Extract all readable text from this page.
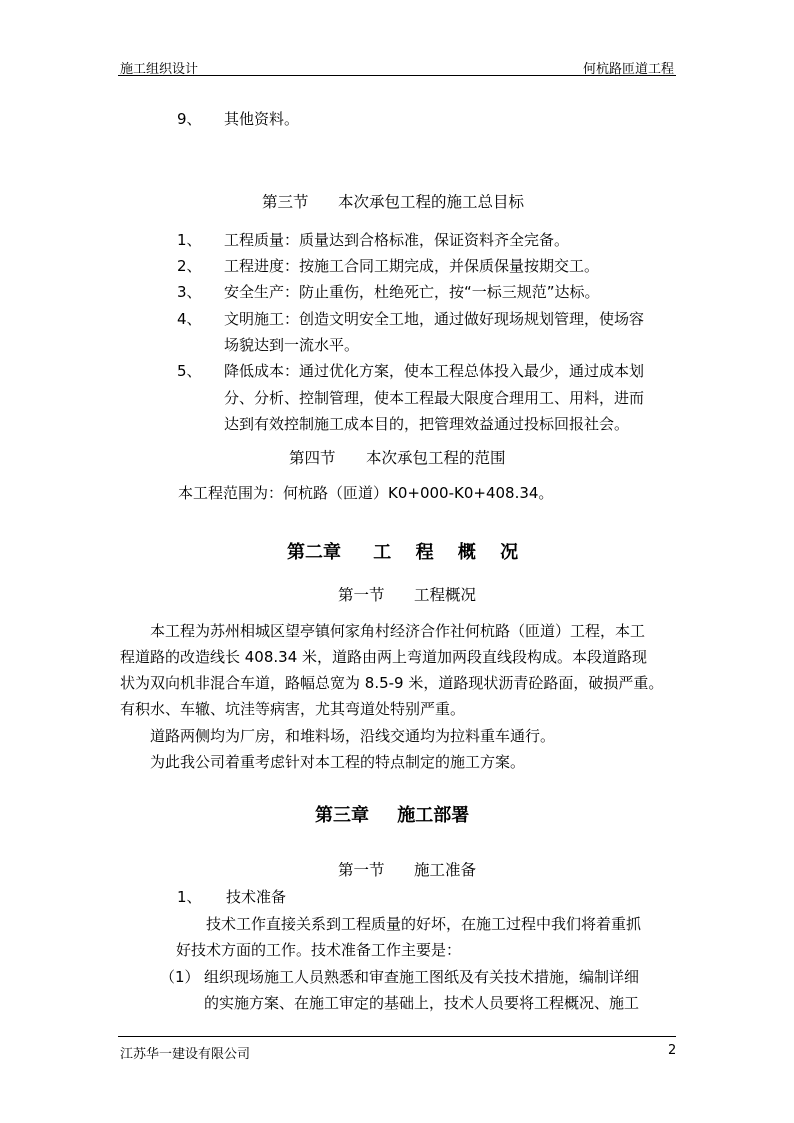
施工组织设计	何杭路匝道工程
9、 其他资料。
第三节 本次承包工程的施工总目标
1、 工程质量：质量达到合格标准，保证资料齐全完备。
2、 工程进度：按施工合同工期完成，并保质保量按期交工。
3、 安全生产：防止重伤，杜绝死亡，按“一标三规范”达标。
4、 文明施工：创造文明安全工地，通过做好现场规划管理，使场容
场貌达到一流水平。
5、 降低成本：通过优化方案，使本工程总体投入最少，通过成本划
分、分析、控制管理，使本工程最大限度合理用工、用料，进而
达到有效控制施工成本目的，把管理效益通过投标回报社会。
第四节 本次承包工程的范围
本工程范围为：何杭路（匝道）K0+000-K0+408.34。
第二章 工 程 概 况
第一节 工程概况
本工程为苏州相城区望亭镇何家角村经济合作社何杭路（匝道）工程，本工
程道路的改造线长 408.34 米，道路由两上弯道加两段直线段构成。本段道路现
状为双向机非混合车道，路幅总宽为 8.5-9 米，道路现状沥青砼路面，破损严重。
有积水、车辙、坑洼等病害，尤其弯道处特别严重。
道路两侧均为厂房，和堆料场，沿线交通均为拉料重车通行。
为此我公司着重考虑针对本工程的特点制定的施工方案。
第三章 施工部署
第一节 施工准备
1、 技术准备
技术工作直接关系到工程质量的好坏，在施工过程中我们将着重抓
好技术方面的工作。技术准备工作主要是：
（1） 组织现场施工人员熟悉和审查施工图纸及有关技术措施，编制详细
的实施方案、在施工审定的基础上，技术人员要将工程概况、施工
江苏华一建设有限公司	2
